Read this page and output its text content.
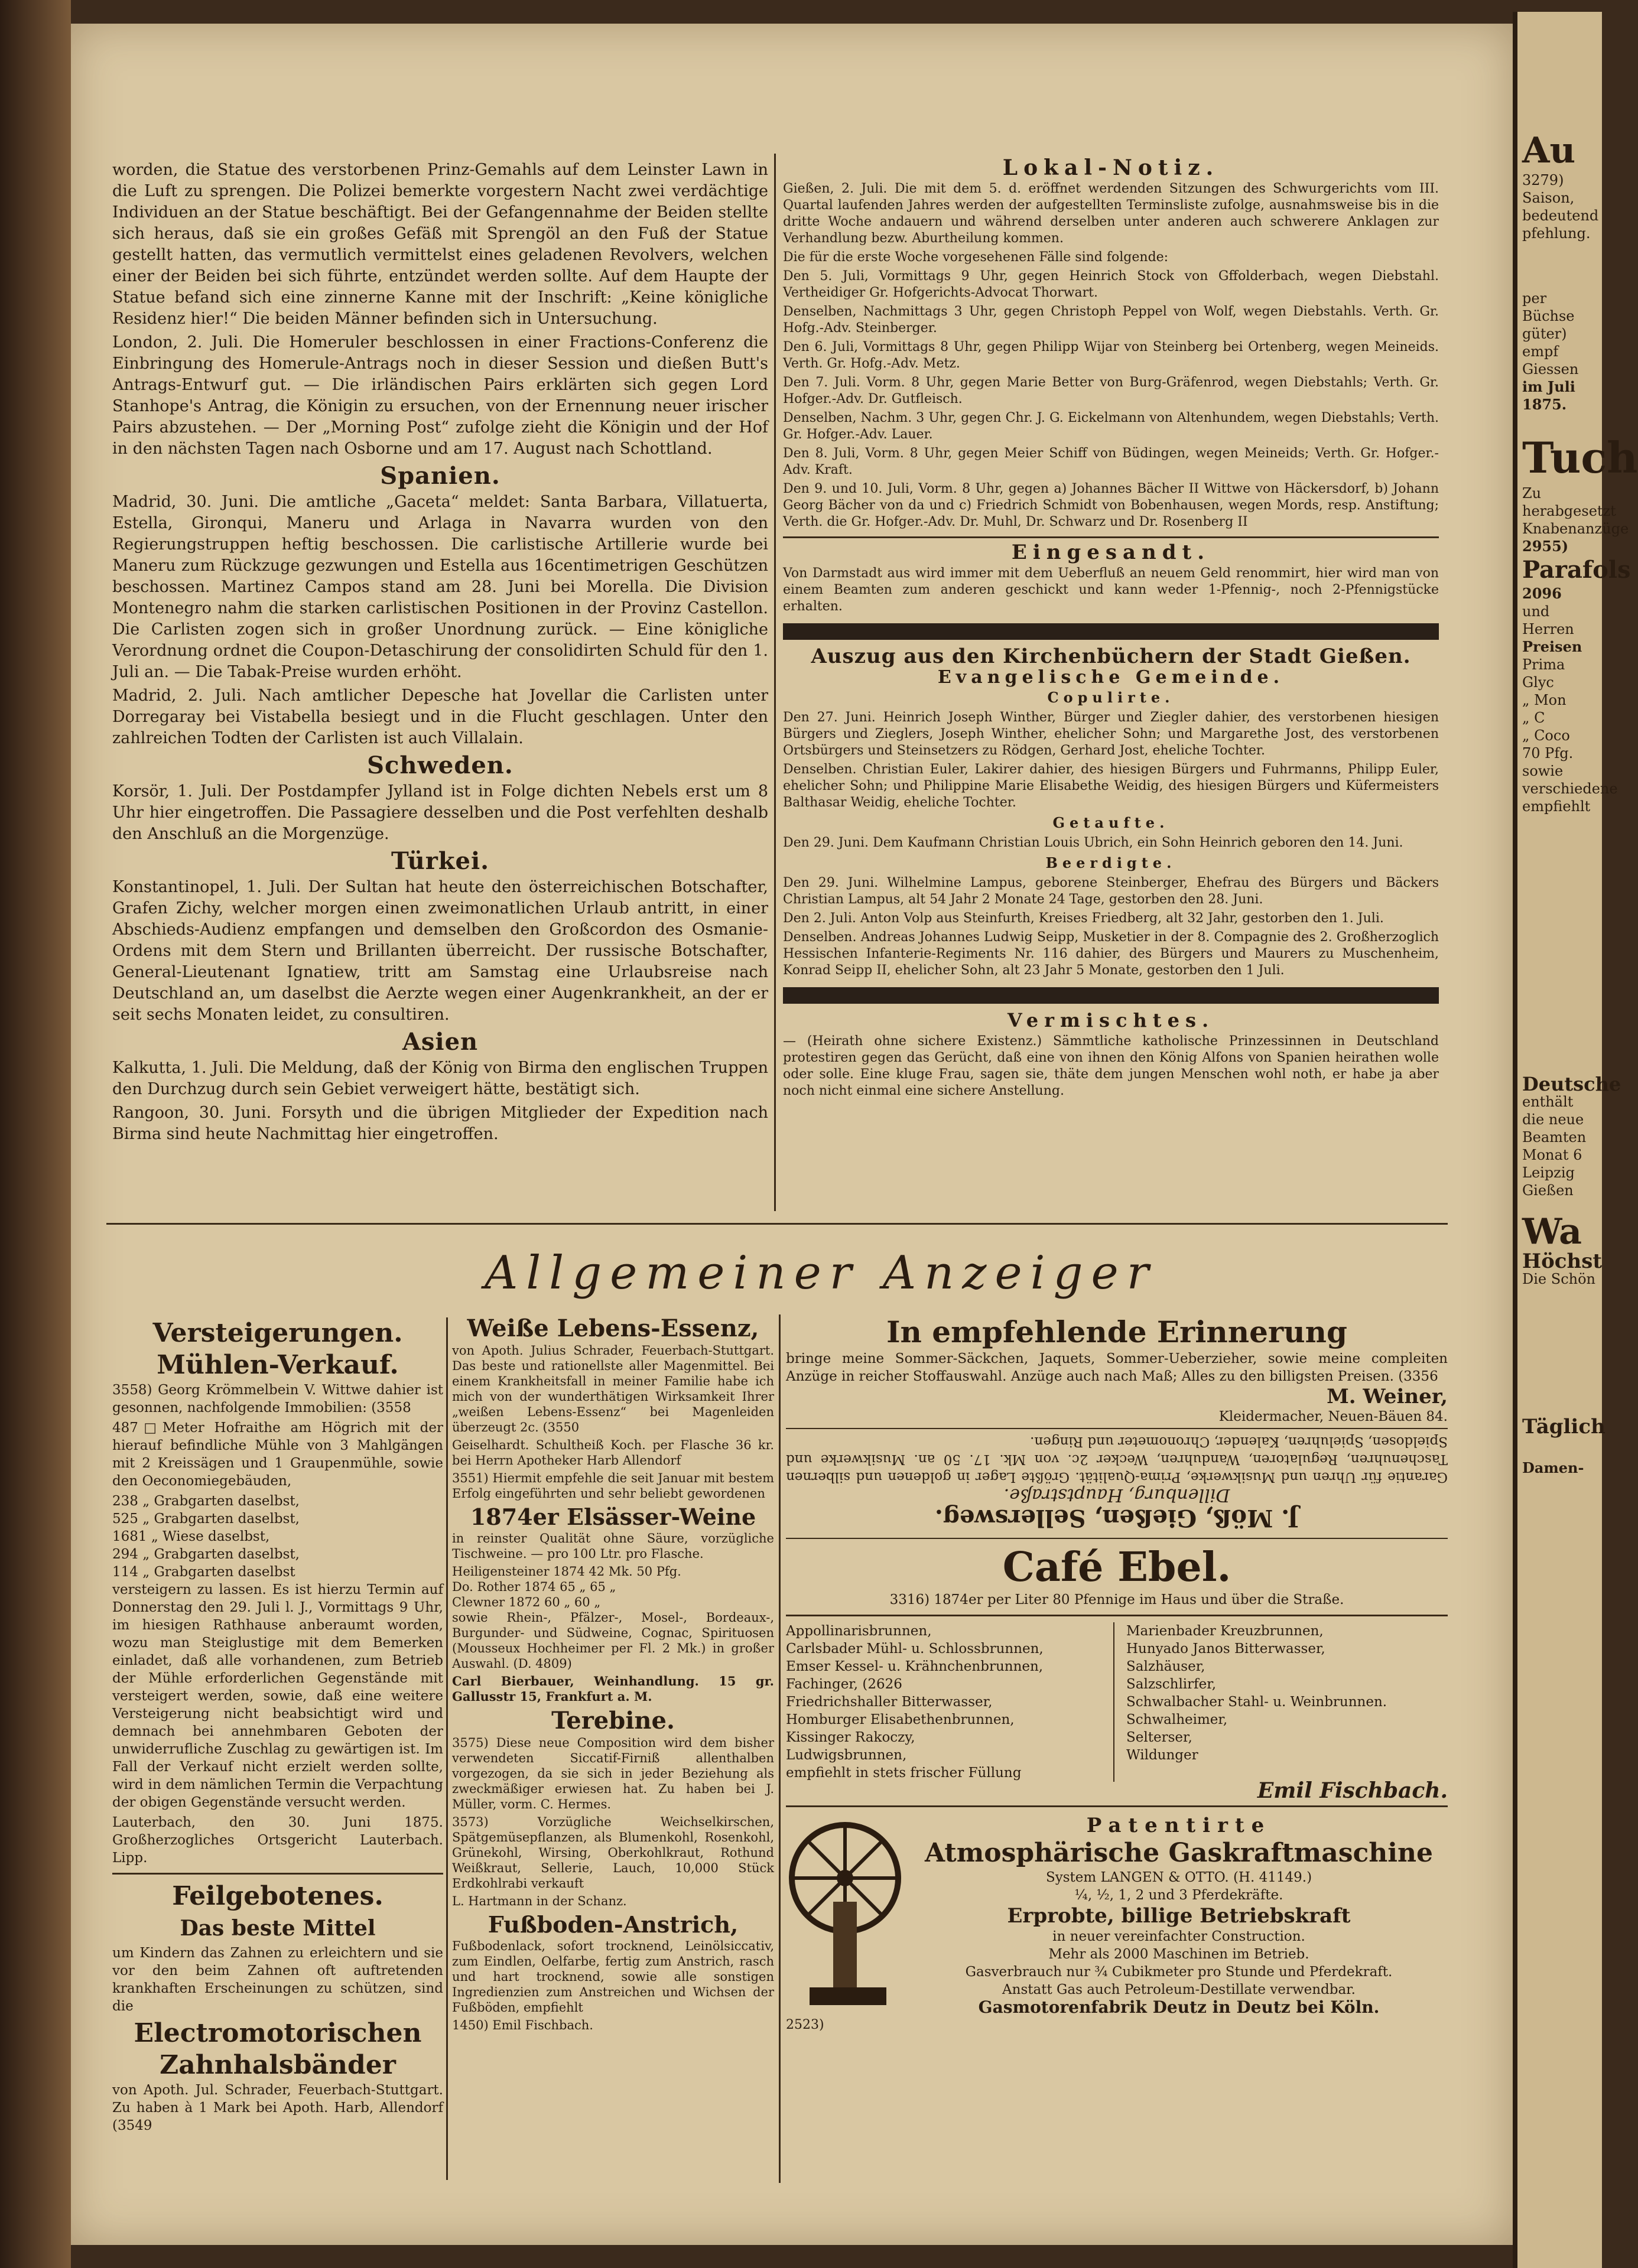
worden, die Statue des verstorbenen Prinz-Gemahls auf dem Leinster Lawn in die Luft zu sprengen. Die Polizei bemerkte vorgestern Nacht zwei verdächtige Individuen an der Statue beschäftigt. Bei der Gefangennahme der Beiden stellte sich heraus, daß sie ein großes Gefäß mit Sprengöl an den Fuß der Statue gestellt hatten, das vermutlich vermittelst eines geladenen Revolvers, welchen einer der Beiden bei sich führte, entzündet werden sollte. Auf dem Haupte der Statue befand sich eine zinnerne Kanne mit der Inschrift: „Keine königliche Residenz hier!“ Die beiden Männer befinden sich in Untersuchung.

London, 2. Juli. Die Homeruler beschlossen in einer Fractions-Conferenz die Einbringung des Homerule-Antrags noch in dieser Session und dießen Butt's Antrags-Entwurf gut. — Die irländischen Pairs erklärten sich gegen Lord Stanhope's Antrag, die Königin zu ersuchen, von der Ernennung neuer irischer Pairs abzustehen. — Der „Morning Post“ zufolge zieht die Königin und der Hof in den nächsten Tagen nach Osborne und am 17. August nach Schottland.

Spanien.

Madrid, 30. Juni. Die amtliche „Gaceta“ meldet: Santa Barbara, Villatuerta, Estella, Gironqui, Maneru und Arlaga in Navarra wurden von den Regierungstruppen heftig beschossen. Die carlistische Artillerie wurde bei Maneru zum Rückzuge gezwungen und Estella aus 16centimetrigen Geschützen beschossen. Martinez Campos stand am 28. Juni bei Morella. Die Division Montenegro nahm die starken carlistischen Positionen in der Provinz Castellon. Die Carlisten zogen sich in großer Unordnung zurück. — Eine königliche Verordnung ordnet die Coupon-Detaschirung der consolidirten Schuld für den 1. Juli an. — Die Tabak-Preise wurden erhöht.

Madrid, 2. Juli. Nach amtlicher Depesche hat Jovellar die Carlisten unter Dorregaray bei Vistabella besiegt und in die Flucht geschlagen. Unter den zahlreichen Todten der Carlisten ist auch Villalain.

Schweden.

Korsör, 1. Juli. Der Postdampfer Jylland ist in Folge dichten Nebels erst um 8 Uhr hier eingetroffen. Die Passagiere desselben und die Post verfehlten deshalb den Anschluß an die Morgenzüge.

Türkei.

Konstantinopel, 1. Juli. Der Sultan hat heute den österreichischen Botschafter, Grafen Zichy, welcher morgen einen zweimonatlichen Urlaub antritt, in einer Abschieds-Audienz empfangen und demselben den Großcordon des Osmanie-Ordens mit dem Stern und Brillanten überreicht. Der russische Botschafter, General-Lieutenant Ignatiew, tritt am Samstag eine Urlaubsreise nach Deutschland an, um daselbst die Aerzte wegen einer Augenkrankheit, an der er seit sechs Monaten leidet, zu consultiren.

Asien

Kalkutta, 1. Juli. Die Meldung, daß der König von Birma den englischen Truppen den Durchzug durch sein Gebiet verweigert hätte, bestätigt sich.

Rangoon, 30. Juni. Forsyth und die übrigen Mitglieder der Expedition nach Birma sind heute Nachmittag hier eingetroffen.

Lokal-Notiz.

Gießen, 2. Juli. Die mit dem 5. d. eröffnet werdenden Sitzungen des Schwurgerichts vom III. Quartal laufenden Jahres werden der aufgestellten Terminsliste zufolge, ausnahmsweise bis in die dritte Woche andauern und während derselben unter anderen auch schwerere Anklagen zur Verhandlung bezw. Aburtheilung kommen.

Die für die erste Woche vorgesehenen Fälle sind folgende:

Den 5. Juli, Vormittags 9 Uhr, gegen Heinrich Stock von Gffolderbach, wegen Diebstahl. Vertheidiger Gr. Hofgerichts-Advocat Thorwart.

Denselben, Nachmittags 3 Uhr, gegen Christoph Peppel von Wolf, wegen Diebstahls. Verth. Gr. Hofg.-Adv. Steinberger.

Den 6. Juli, Vormittags 8 Uhr, gegen Philipp Wijar von Steinberg bei Ortenberg, wegen Meineids. Verth. Gr. Hofg.-Adv. Metz.

Den 7. Juli. Vorm. 8 Uhr, gegen Marie Better von Burg-Gräfenrod, wegen Diebstahls; Verth. Gr. Hofger.-Adv. Dr. Gutfleisch.

Denselben, Nachm. 3 Uhr, gegen Chr. J. G. Eickelmann von Altenhundem, wegen Diebstahls; Verth. Gr. Hofger.-Adv. Lauer.

Den 8. Juli, Vorm. 8 Uhr, gegen Meier Schiff von Büdingen, wegen Meineids; Verth. Gr. Hofger.-Adv. Kraft.

Den 9. und 10. Juli, Vorm. 8 Uhr, gegen a) Johannes Bächer II Wittwe von Häckersdorf, b) Johann Georg Bächer von da und c) Friedrich Schmidt von Bobenhausen, wegen Mords, resp. Anstiftung; Verth. die Gr. Hofger.-Adv. Dr. Muhl, Dr. Schwarz und Dr. Rosenberg II

Eingesandt.

Von Darmstadt aus wird immer mit dem Ueberfluß an neuem Geld renommirt, hier wird man von einem Beamten zum anderen geschickt und kann weder 1-Pfennig-, noch 2-Pfennigstücke erhalten.

Auszug aus den Kirchenbüchern der Stadt Gießen.
Evangelische Gemeinde.
Copulirte.

Den 27. Juni. Heinrich Joseph Winther, Bürger und Ziegler dahier, des verstorbenen hiesigen Bürgers und Zieglers, Joseph Winther, ehelicher Sohn; und Margarethe Jost, des verstorbenen Ortsbürgers und Steinsetzers zu Rödgen, Gerhard Jost, eheliche Tochter.

Denselben. Christian Euler, Lakirer dahier, des hiesigen Bürgers und Fuhrmanns, Philipp Euler, ehelicher Sohn; und Philippine Marie Elisabethe Weidig, des hiesigen Bürgers und Küfermeisters Balthasar Weidig, eheliche Tochter.

Getaufte.

Den 29. Juni. Dem Kaufmann Christian Louis Ubrich, ein Sohn Heinrich geboren den 14. Juni.

Beerdigte.

Den 29. Juni. Wilhelmine Lampus, geborene Steinberger, Ehefrau des Bürgers und Bäckers Christian Lampus, alt 54 Jahr 2 Monate 24 Tage, gestorben den 28. Juni.

Den 2. Juli. Anton Volp aus Steinfurth, Kreises Friedberg, alt 32 Jahr, gestorben den 1. Juli.

Denselben. Andreas Johannes Ludwig Seipp, Musketier in der 8. Compagnie des 2. Großherzoglich Hessischen Infanterie-Regiments Nr. 116 dahier, des Bürgers und Maurers zu Muschenheim, Konrad Seipp II, ehelicher Sohn, alt 23 Jahr 5 Monate, gestorben den 1 Juli.

Vermischtes.

— (Heirath ohne sichere Existenz.) Sämmtliche katholische Prinzessinnen in Deutschland protestiren gegen das Gerücht, daß eine von ihnen den König Alfons von Spanien heirathen wolle oder solle. Eine kluge Frau, sagen sie, thäte dem jungen Menschen wohl noth, er habe ja aber noch nicht einmal eine sichere Anstellung.

Allgemeiner Anzeiger
Versteigerungen.
Mühlen-Verkauf.

3558) Georg Krömmelbein V. Wittwe dahier ist gesonnen, nachfolgende Immobilien: (3558

487□Meter Hofraithe am Högrich mit der hierauf befindliche Mühle von 3 Mahlgängen mit 2 Kreissägen und 1 Graupenmühle, sowie den Oeconomiegebäuden,

238 „ Grabgarten daselbst,

525 „ Grabgarten daselbst,

1681 „ Wiese daselbst,

294 „ Grabgarten daselbst,

114 „ Grabgarten daselbst

versteigern zu lassen. Es ist hierzu Termin auf Donnerstag den 29. Juli l. J., Vormittags 9 Uhr, im hiesigen Rathhause anberaumt worden, wozu man Steiglustige mit dem Bemerken einladet, daß alle vorhandenen, zum Betrieb der Mühle erforderlichen Gegenstände mit versteigert werden, sowie, daß eine weitere Versteigerung nicht beabsichtigt wird und demnach bei annehmbaren Geboten der unwiderrufliche Zuschlag zu gewärtigen ist. Im Fall der Verkauf nicht erzielt werden sollte, wird in dem nämlichen Termin die Verpachtung der obigen Gegenstände versucht werden.

Lauterbach, den 30. Juni 1875. Großherzogliches Ortsgericht Lauterbach. Lipp.

Feilgebotenes.
Das beste Mittel

um Kindern das Zahnen zu erleichtern und sie vor den beim Zahnen oft auftretenden krankhaften Erscheinungen zu schützen, sind die

Electromotorischen Zahnhalsbänder

von Apoth. Jul. Schrader, Feuerbach-Stuttgart. Zu haben à 1 Mark bei Apoth. Harb, Allendorf (3549

Weiße Lebens-Essenz,

von Apoth. Julius Schrader, Feuerbach-Stuttgart. Das beste und rationellste aller Magenmittel. Bei einem Krankheitsfall in meiner Familie habe ich mich von der wunderthätigen Wirksamkeit Ihrer „weißen Lebens-Essenz“ bei Magenleiden überzeugt 2c. (3550

Geiselhardt. Schultheiß Koch. per Flasche 36 kr. bei Herrn Apotheker Harb Allendorf

3551) Hiermit empfehle die seit Januar mit bestem Erfolg eingeführten und sehr beliebt gewordenen

1874er Elsässer-Weine

in reinster Qualität ohne Säure, vorzügliche Tischweine. — pro 100 Ltr. pro Flasche.

Heiligensteiner 1874 42 Mk. 50 Pfg.

Do. Rother 1874 65 „ 65 „

Clewner 1872 60 „ 60 „

sowie Rhein-, Pfälzer-, Mosel-, Bordeaux-, Burgunder- und Südweine, Cognac, Spirituosen (Mousseux Hochheimer per Fl. 2 Mk.) in großer Auswahl. (D. 4809)

Carl Bierbauer, Weinhandlung. 15 gr. Gallusstr 15, Frankfurt a. M.

Terebine.

3575) Diese neue Composition wird dem bisher verwendeten Siccatif-Firniß allenthalben vorgezogen, da sie sich in jeder Beziehung als zweckmäßiger erwiesen hat. Zu haben bei J. Müller, vorm. C. Hermes.

3573) Vorzügliche Weichselkirschen, Spätgemüsepflanzen, als Blumenkohl, Rosenkohl, Grünekohl, Wirsing, Oberkohlkraut, Rothund Weißkraut, Sellerie, Lauch, 10,000 Stück Erdkohlrabi verkauft

L. Hartmann in der Schanz.

Fußboden-Anstrich,

Fußbodenlack, sofort trocknend, Leinölsiccativ, zum Eindlen, Oelfarbe, fertig zum Anstrich, rasch und hart trocknend, sowie alle sonstigen Ingredienzien zum Anstreichen und Wichsen der Fußböden, empfiehlt

1450) Emil Fischbach.

In empfehlende Erinnerung

bringe meine Sommer-Säckchen, Jaquets, Sommer-Ueberzieher, sowie meine compleiten Anzüge in reicher Stoffauswahl. Anzüge auch nach Maß; Alles zu den billigsten Preisen. (3356

M. Weiner,

Kleidermacher, Neuen-Bäuen 84.

J. Möß, Gießen, Sellersweg.
Dillenburg, Hauptstraße.

Garantie für Uhren und Musikwerke, Prima-Qualität. Größte Lager in goldenen und silbernen Taschenuhren, Regulatoren, Wanduhren, Wecker 2c. von Mk. 17. 50 an. Musikwerke und Spieldosen, Spieluhren, Kalender, Chronometer und Ringen.

Café Ebel.

3316) 1874er per Liter 80 Pfennige im Haus und über die Straße.

Appollinarisbrunnen,
Carlsbader Mühl- u. Schlossbrunnen,
Emser Kessel- u. Krähnchenbrunnen,
Fachinger, (2626
Friedrichshaller Bitterwasser,
Homburger Elisabethenbrunnen,
Kissinger Rakoczy,
Ludwigsbrunnen,
empfiehlt in stets frischer Füllung
Marienbader Kreuzbrunnen,
Hunyado Janos Bitterwasser,
Salzhäuser,
Salzschlirfer,
Schwalbacher Stahl- u. Weinbrunnen.
Schwalheimer,
Selterser,
Wildunger

Emil Fischbach.

Patentirte
Atmosphärische Gaskraftmaschine
System LANGEN & OTTO. (H. 41149.)
¼, ½, 1, 2 und 3 Pferdekräfte.
Erprobte, billige Betriebskraft
in neuer vereinfachter Construction.
Mehr als 2000 Maschinen im Betrieb.
Gasverbrauch nur ¾ Cubikmeter pro Stunde und Pferdekraft.
Anstatt Gas auch Petroleum-Destillate verwendbar.
Gasmotorenfabrik Deutz in Deutz bei Köln.
2523)
Au
3279)
Saison,
bedeutend
pfehlung.
per Büchse
güter) empf
Giessen
im Juli 1875.
Tuch
Zu herabgesetzt
Knabenanzüge
2955)
Parafols
2096
und Herren
Preisen
Prima Glyc
„ Mon
„ C
„ Coco
70 Pfg.
sowie verschiedene
empfiehlt
Deutsche
enthält die neue
Beamten
Monat 6
Leipzig
Gießen
Wa
Höchst
Die Schön
Täglich
Damen-
